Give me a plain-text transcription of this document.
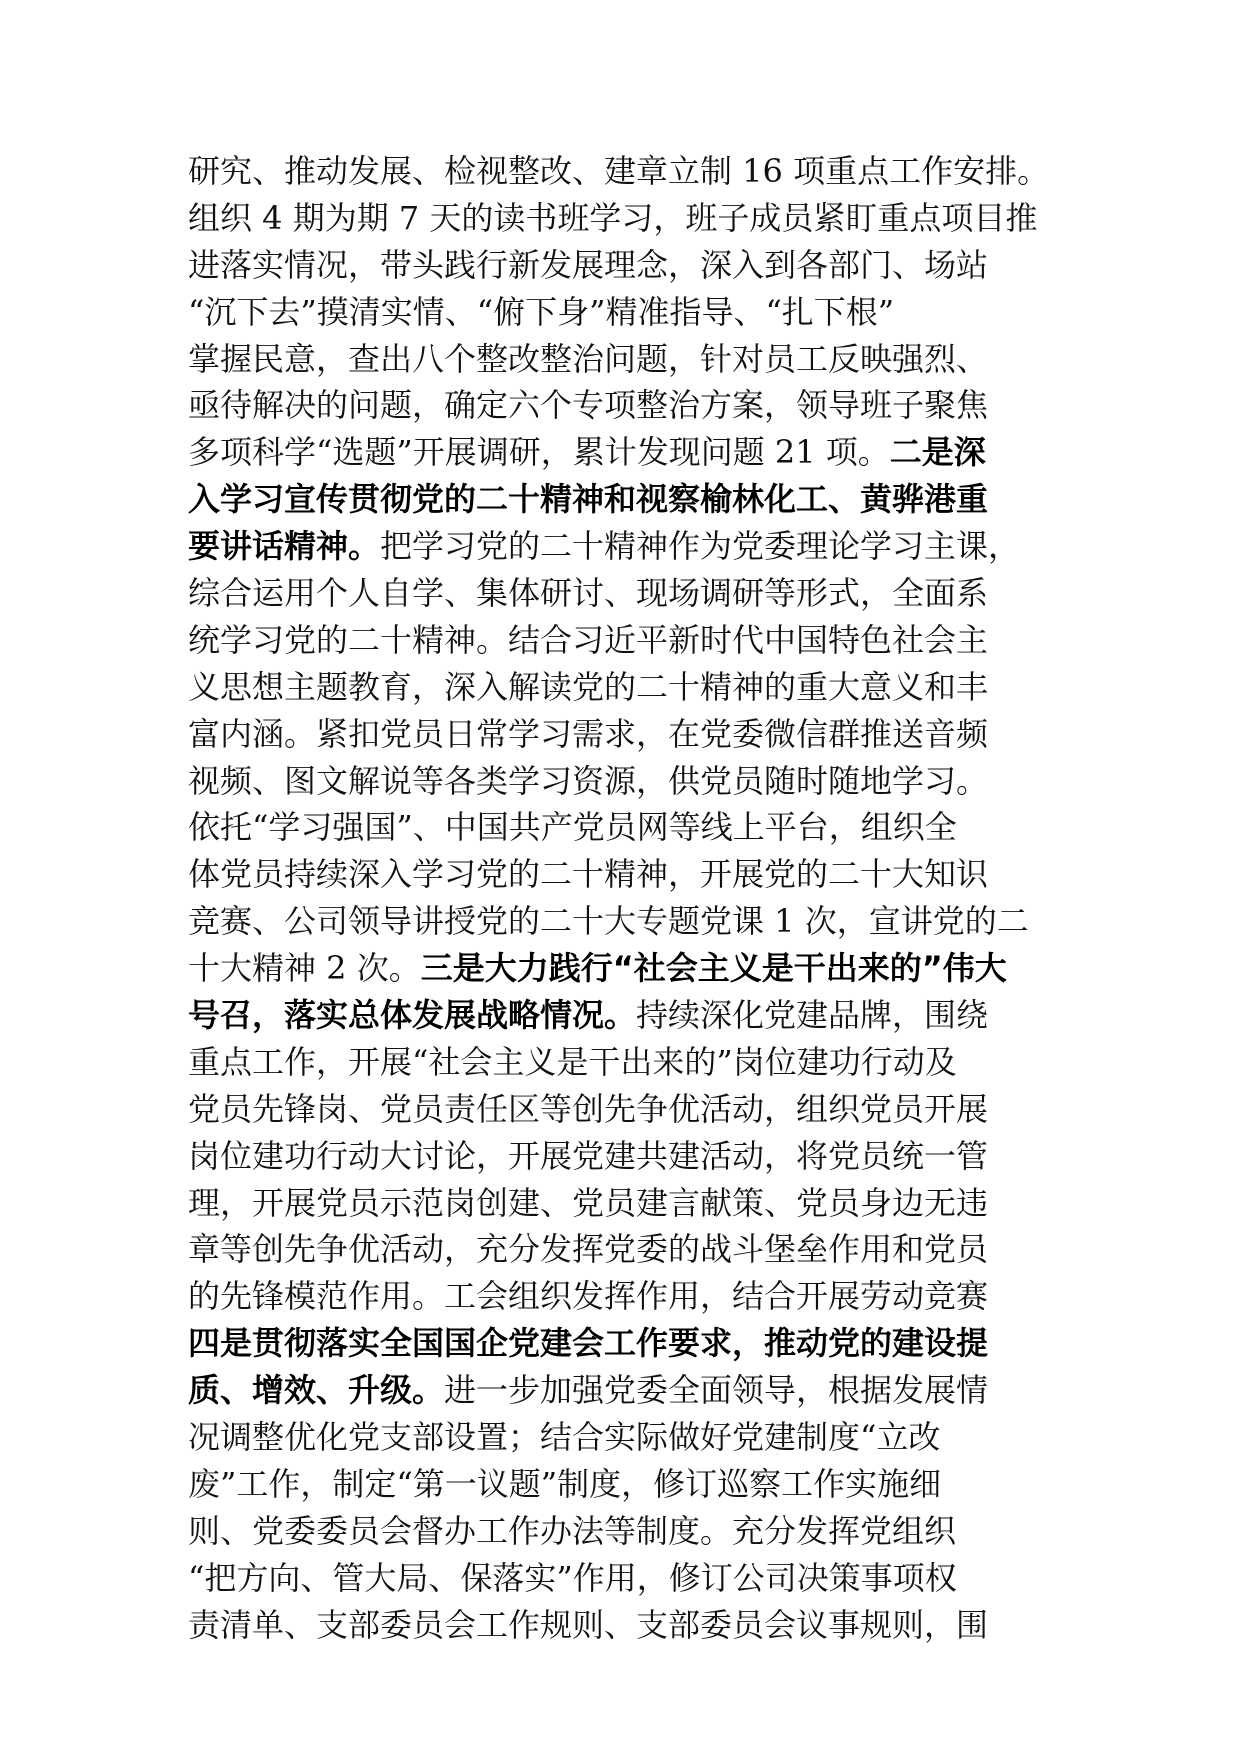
研究、推动发展、检视整改、建章立制 16 项重点工作安排。
组织 4 期为期 7 天的读书班学习，班子成员紧盯重点项目推
进落实情况，带头践行新发展理念，深入到各部门、场站
“沉下去”摸清实情、“俯下身”精准指导、“扎下根”
掌握民意，查出八个整改整治问题，针对员工反映强烈、
亟待解决的问题，确定六个专项整治方案，领导班子聚焦
多项科学“选题”开展调研，累计发现问题 21 项。二是深
入学习宣传贯彻党的二十精神和视察榆林化工、黄骅港重
要讲话精神。把学习党的二十精神作为党委理论学习主课，
综合运用个人自学、集体研讨、现场调研等形式，全面系
统学习党的二十精神。结合习近平新时代中国特色社会主
义思想主题教育，深入解读党的二十精神的重大意义和丰
富内涵。紧扣党员日常学习需求，在党委微信群推送音频
视频、图文解说等各类学习资源，供党员随时随地学习。
依托“学习强国”、中国共产党员网等线上平台，组织全
体党员持续深入学习党的二十精神，开展党的二十大知识
竞赛、公司领导讲授党的二十大专题党课 1 次，宣讲党的二
十大精神 2 次。三是大力践行“社会主义是干出来的”伟大
号召，落实总体发展战略情况。持续深化党建品牌，围绕
重点工作，开展“社会主义是干出来的”岗位建功行动及
党员先锋岗、党员责任区等创先争优活动，组织党员开展
岗位建功行动大讨论，开展党建共建活动，将党员统一管
理，开展党员示范岗创建、党员建言献策、党员身边无违
章等创先争优活动，充分发挥党委的战斗堡垒作用和党员
的先锋模范作用。工会组织发挥作用，结合开展劳动竞赛
四是贯彻落实全国国企党建会工作要求，推动党的建设提
质、增效、升级。进一步加强党委全面领导，根据发展情
况调整优化党支部设置；结合实际做好党建制度“立改
废”工作，制定“第一议题”制度，修订巡察工作实施细
则、党委委员会督办工作办法等制度。充分发挥党组织
“把方向、管大局、保落实”作用，修订公司决策事项权
责清单、支部委员会工作规则、支部委员会议事规则，围
